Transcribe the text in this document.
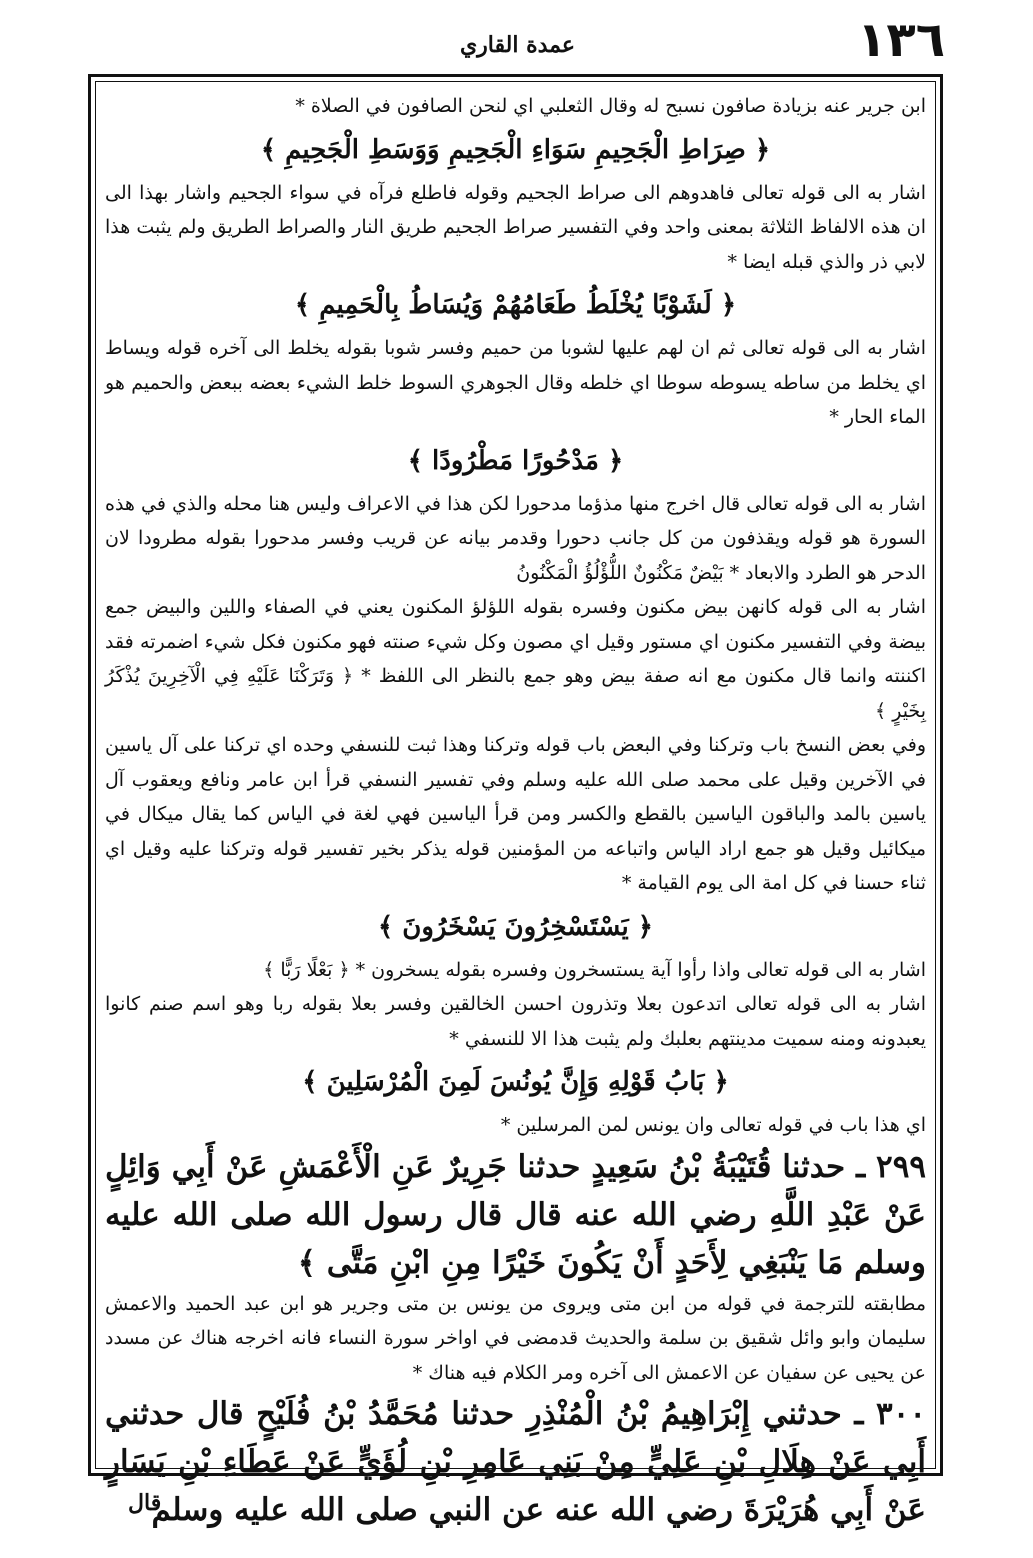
١٣٦
عمدة القاري

ابن جرير عنه بزيادة صافون نسبح له وقال الثعلبي اي لنحن الصافون في الصلاة *

﴿ صِرَاطِ الْجَحِيمِ سَوَاءِ الْجَحِيمِ وَوَسَطِ الْجَحِيمِ ﴾

اشار به الى قوله تعالى فاهدوهم الى صراط الجحيم وقوله فاطلع فرآه في سواء الجحيم واشار بهذا الى ان هذه الالفاظ الثلاثة بمعنى واحد وفي التفسير صراط الجحيم طريق النار والصراط الطريق ولم يثبت هذا لابي ذر والذي قبله ايضا *

﴿ لَشَوْبًا يُخْلَطُ طَعَامُهُمْ وَيُسَاطُ بِالْحَمِيمِ ﴾

اشار به الى قوله تعالى ثم ان لهم عليها لشوبا من حميم وفسر شوبا بقوله يخلط الى آخره قوله ويساط اي يخلط من ساطه يسوطه سوطا اي خلطه وقال الجوهري السوط خلط الشيء بعضه ببعض والحميم هو الماء الحار *

﴿ مَدْحُورًا مَطْرُودًا ﴾

اشار به الى قوله تعالى قال اخرج منها مذؤما مدحورا لكن هذا في الاعراف وليس هنا محله والذي في هذه السورة هو قوله ويقذفون من كل جانب دحورا وقدمر بيانه عن قريب وفسر مدحورا بقوله مطرودا لان الدحر هو الطرد والابعاد * بَيْضٌ مَكْنُونٌ اللُّؤْلُؤُ الْمَكْنُونُ

اشار به الى قوله كانهن بيض مكنون وفسره بقوله اللؤلؤ المكنون يعني في الصفاء واللين والبيض جمع بيضة وفي التفسير مكنون اي مستور وقيل اي مصون وكل شيء صنته فهو مكنون فكل شيء اضمرته فقد اكننته وانما قال مكنون مع انه صفة بيض وهو جمع بالنظر الى اللفظ * ﴿ وَتَرَكْنَا عَلَيْهِ فِي الْآخِرِينَ يُذْكَرُ بِخَيْرٍ ﴾

وفي بعض النسخ باب وتركنا وفي البعض باب قوله وتركنا وهذا ثبت للنسفي وحده اي تركنا على آل ياسين في الآخرين وقيل على محمد صلى الله عليه وسلم وفي تفسير النسفي قرأ ابن عامر ونافع ويعقوب آل ياسين بالمد والباقون الياسين بالقطع والكسر ومن قرأ الياسين فهي لغة في الياس كما يقال ميكال في ميكائيل وقيل هو جمع اراد الياس واتباعه من المؤمنين قوله يذكر بخير تفسير قوله وتركنا عليه وقيل اي ثناء حسنا في كل امة الى يوم القيامة *

﴿ يَسْتَسْخِرُونَ يَسْخَرُونَ ﴾

اشار به الى قوله تعالى واذا رأوا آية يستسخرون وفسره بقوله يسخرون * ﴿ بَعْلًا رَبًّا ﴾

اشار به الى قوله تعالى اتدعون بعلا وتذرون احسن الخالقين وفسر بعلا بقوله ربا وهو اسم صنم كانوا يعبدونه ومنه سميت مدينتهم بعلبك ولم يثبت هذا الا للنسفي *

﴿ بَابُ قَوْلِهِ وَإِنَّ يُونُسَ لَمِنَ الْمُرْسَلِينَ ﴾

اي هذا باب في قوله تعالى وان يونس لمن المرسلين *

٢٩٩ ـ حدثنا قُتَيْبَةُ بْنُ سَعِيدٍ حدثنا جَرِيرٌ عَنِ الْأَعْمَشِ عَنْ أَبِي وَائِلٍ عَنْ عَبْدِ اللَّهِ رضي الله عنه قال قال رسول الله صلى الله عليه وسلم مَا يَنْبَغِي لِأَحَدٍ أَنْ يَكُونَ خَيْرًا مِنِ ابْنِ مَتَّى ﴾

مطابقته للترجمة في قوله من ابن متى ويروى من يونس بن متى وجرير هو ابن عبد الحميد والاعمش سليمان وابو وائل شقيق بن سلمة والحديث قدمضى في اواخر سورة النساء فانه اخرجه هناك عن مسدد عن يحيى عن سفيان عن الاعمش الى آخره ومر الكلام فيه هناك *

٣٠٠ ـ حدثني إِبْرَاهِيمُ بْنُ الْمُنْذِرِ حدثنا مُحَمَّدُ بْنُ فُلَيْحٍ قال حدثني أَبِي عَنْ هِلَالِ بْنِ عَلِيٍّ مِنْ بَنِي عَامِرِ بْنِ لُؤَيٍّ عَنْ عَطَاءِ بْنِ يَسَارٍ عَنْ أَبِي هُرَيْرَةَ رضي الله عنه عن النبي صلى الله عليه وسلم

قال
